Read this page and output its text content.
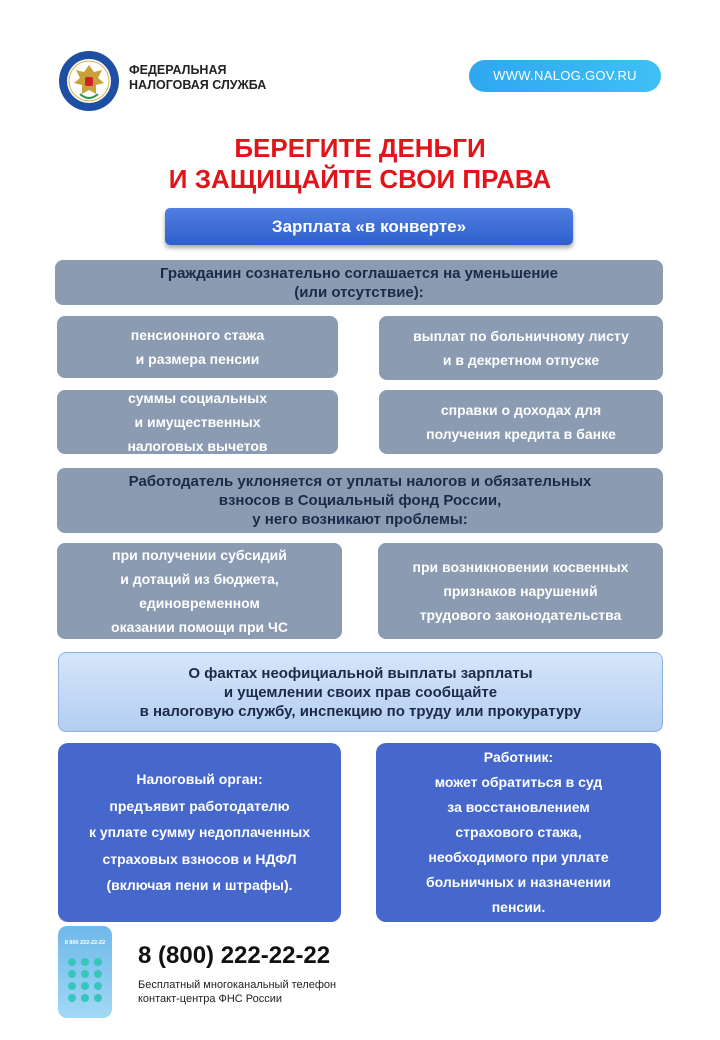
ФЕДЕРАЛЬНАЯ
НАЛОГОВАЯ СЛУЖБА
WWW.NALOG.GOV.RU
БЕРЕГИТЕ ДЕНЬГИ
И ЗАЩИЩАЙТЕ СВОИ ПРАВА
Зарплата «в конверте»
Гражданин сознательно соглашается на уменьшение
(или отсутствие):
пенсионного стажа
и размера пенсии
выплат по больничному листу
и в декретном отпуске
суммы социальных
и имущественных
налоговых вычетов
справки о доходах для
получения кредита в банке
Работодатель уклоняется от уплаты налогов и обязательных
взносов в Социальный фонд России,
у него возникают проблемы:
при получении субсидий
и дотаций из бюджета,
единовременном
оказании помощи при ЧС
при возникновении косвенных
признаков нарушений
трудового законодательства
О фактах неофициальной выплаты зарплаты
и ущемлении своих прав сообщайте
в налоговую службу, инспекцию по труду или прокуратуру
Налоговый орган:
предъявит работодателю
к уплате сумму недоплаченных
страховых взносов и НДФЛ
(включая пени и штрафы).
Работник:
может обратиться в суд
за восстановлением
страхового стажа,
необходимого при уплате
больничных и назначении
пенсии.
8 800 222-22-22 8 (800) 222-22-22
Бесплатный многоканальный телефон
контакт-центра ФНС России
